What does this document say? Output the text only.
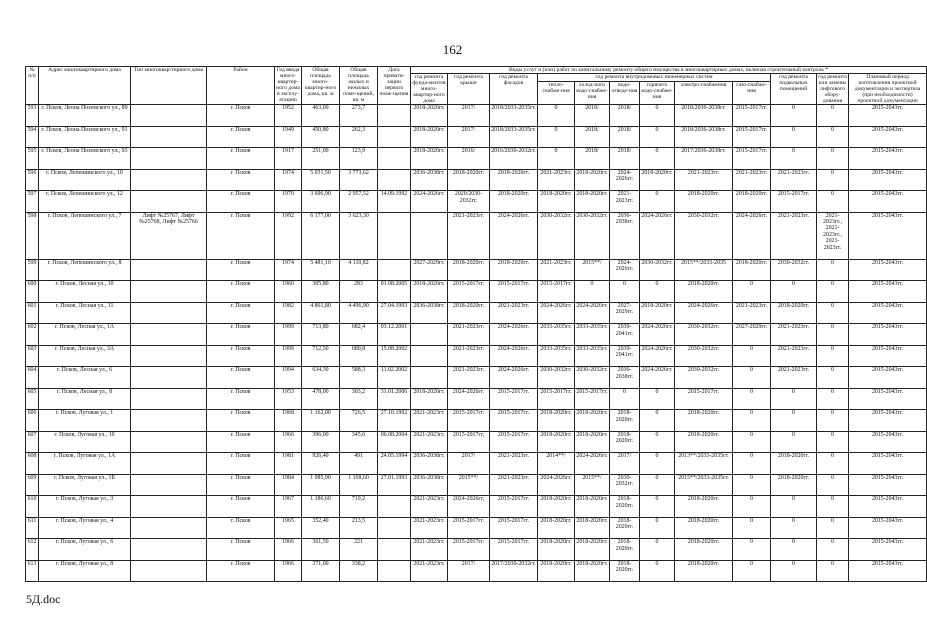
162
№ п/п	Адрес многоквартирного дома	Тип многоквар-тирного дома	Район	Год ввода много-квартир-ного дома в эксплу-атацию	Общая площадь много-квартир-ного дома, кв. м	Общая площадь жилых и нежилых поме-щений, кв. м	Дата привати-зации первого поме-щения	Виды услуг и (или) работ по капитальному ремонту общего имущества в многоквартирных домах, включая строительный контроль *											
								год ремонта фунда-ментов много-квартир-ного дома	год ремонта крыши	год ремонта фасадов	год ремонта внутридомовых инженерных систем						год ремонта подвальных помещений	год ремонта или замены лифтового обору-дования	Плановый период изготовления проектной документации и экспертиза (при необходимости) проектной документации
											тепло-снабже-ния	холод-ного водо-снабже-ния	водо-отведе-ния	горячего водо-снабже-ния	электро-снабжения	газо-снабже-ния			
593	г. Псков, Леона Поземского ул., 89		г. Псков	1952	463,00	273,7		2018-2020гг.	2017/	2018/2033-2035гг.	0	2018/	2018/	0	2018/2036-2038гг.	2015-2017гг.	0	0	2015-2043гг.
594	г. Псков, Леона Поземского ул., 91		г. Псков	1949	450,80	262,3		2018-2020гг.	2017/	2018/2033-2035гг.	0	2018/	2018/	0	2018/2036-2038гг.	2015-2017гг.	0	0	2015-2043гг.
595	г. Псков, Леона Поземского ул., 93		г. Псков	1917	251,00	123,9		2018-2020гг.	2016/	2016/2030-2032гг.	0	2018/	2018/	0	2017/2036-2038гг.	2015-2017гг.	0	0	2015-2043гг.
596	г. Псков, Лепешинского ул., 10		г. Псков	1974	5 031,50	3 773,62		2036-2038гг.	2018-2020гг.	2018-2020гг.	2021-2023гг.	2018-2020гг.	2024-2026гг.	2018-2020гг.	2021-2023гг.	2021-2023гг.	2021-2023гг.	0	2015-2043гг.
597	г. Псков, Лепешинского ул., 12		г. Псков	1970	3 696,90	2 957,52	14.09.1992	2024-2026гг.	2020/2030-2032гг.	2018-2020гг.	2018-2020гг.	2018-2020гг.	2021-2023гг.	0	2018-2020гг.	2018-2020гг.	2015-2017гг.	0	2015-2043гг.
598	г. Псков, Лепешинского ул., 7	Лифт №25767, Лифт №25768, Лифт №25766	г. Псков	1992	6 177,00	3 623,30			2021-2023гг.	2024-2026гг.	2030-2032гг.	2030-2032гг.	2036-2038гг.	2024-2026гг.	2030-2032гг.	2024-2026гг.	2021-2023гг.	2021-2023гг., 2021-2023гг., 2021-2023гг.	2015-2043гг.
599	г. Псков, Лепешинского ул., 8		г. Псков	1974	5 481,10	4 110,82		2027-2029гг.	2018-2020гг.	2018-2020гг.	2021-2023гг.	2015**/	2024-2026гг.	2030-2032гг.	2015**/2033-2035	2018-2020гг.	2030-2032гг.	0	2015-2043гг.
600	г. Псков, Лесная ул., 10		г. Псков	1960	305,80	283	01.08.2005	2018-2020гг.	2015-2017гг.	2015-2017гг.	2015-2017гг.	0	0	0	2018-2020гг.	0	0	0	2015-2043гг.
601	г. Псков, Лесная ул., 11		г. Псков	1982	4 861,80	4 496,90	27.04.1993	2036-2038гг.	2018-2020гг.	2021-2023гг.	2024-2026гг.	2024-2026гг.	2027-2029гг.	2018-2020гг.	2024-2026гг.	2021-2023гг.	2018-2020гг.	0	2015-2043гг.
602	г. Псков, Лесная ул., 1А		г. Псков	1999	713,80	682,4	03.12.2001		2021-2023гг.	2024-2026гг.	2033-2035гг.	2033-2035гг.	2039-2041гг.	2024-2026гг.	2030-2032гг.	2027-2029гг.	2021-2023гг.	0	2015-2043гг.
603	г. Псков, Лесная ул., 3А		г. Псков	1999	712,50	680,8	15.08.2002		2021-2023гг.	2024-2026гг.	2033-2035гг.	2033-2035гг.	2039-2041гг.	2024-2026гг.	2030-2032гг.	0	2021-2023гг.	0	2015-2043гг.
604	г. Псков, Лесная ул., 6		г. Псков	1994	634,30	588,3	11.02.2002		2021-2023гг.	2024-2026гг.	2030-2032гг.	2030-2032гг.	2036-2038гг.	2024-2026гг.	2030-2032гг.	0	2021-2023гг.	0	2015-2043гг.
605	г. Псков, Лесная ул., 8		г. Псков	1953	478,00	303,2	31.01.2006	2018-2020гг.	2024-2026гг.	2015-2017гг.	2015-2017гг.	2015-2017гг.	0	0	2015-2017гг.	0	0	0	2015-2043гг.
606	г. Псков, Луговая ул., 1		г. Псков	1968	1 162,00	726,5	27.10.1992	2021-2023гг.	2015-2017гг.	2015-2017гг.	2018-2020гг.	2018-2020гг.	2018-2020гг.	0	2018-2020гг.	0	0	0	2015-2043гг.
607	г. Псков, Луговая ул., 10		г. Псков	1966	396,00	345,6	06.08.2004	2021-2023гг.	2015-2017гг.	2015-2017гг.	2018-2020гг.	2018-2020гг.	2018-2020гг.	0	2018-2020гг.	0	0	0	2015-2043гг.
608	г. Псков, Луговая ул., 1А		г. Псков	1981	926,40	491	24.05.1994	2036-2038гг.	2017/	2021-2023гг.	2014**/	2024-2026гг.	2017/	0	2013**/2033-2035гг.	0	2018-2020гг.	0	2015-2043гг.
609	г. Псков, Луговая ул., 1Б		г. Псков	1984	1 985,90	1 168,60	27.01.1993	2036-2038гг.	2015**/	2021-2023гг.	2024-2026гг.	2015**/	2030-2032гг.	0	2015**/2033-2035гг.	0	2018-2020гг.	0	2015-2043гг.
610	г. Псков, Луговая ул., 3		г. Псков	1967	1 186,60	719,2		2021-2023гг.	2024-2026гг.	2015-2017гг.	2018-2020гг.	2018-2020гг.	2018-2020гг.	0	2018-2020гг.	0	0	0	2015-2043гг.
611	г. Псков, Луговая ул., 4		г. Псков	1965	352,40	213,5		2021-2023гг.	2015-2017гг.	2015-2017гг.	2018-2020гг.	2018-2020гг.	2018-2020гг.	0	2018-2020гг.	0	0	0	2015-2043гг.
612	г. Псков, Луговая ул., 6		г. Псков	1966	361,50	221		2021-2023гг.	2015-2017гг.	2015-2017гг.	2018-2020гг.	2018-2020гг.	2018-2020гг.	0	2018-2020гг.	0	0	0	2015-2043гг.
613	г. Псков, Луговая ул., 8		г. Псков	1966	371,00	338,2		2021-2023гг.	2017/	2017/2030-2032гг.	2018-2020гг.	2018-2020гг.	2018-2020гг.	0	2018-2020гг.	0	0	0	2015-2043гг.
5Д.doc
